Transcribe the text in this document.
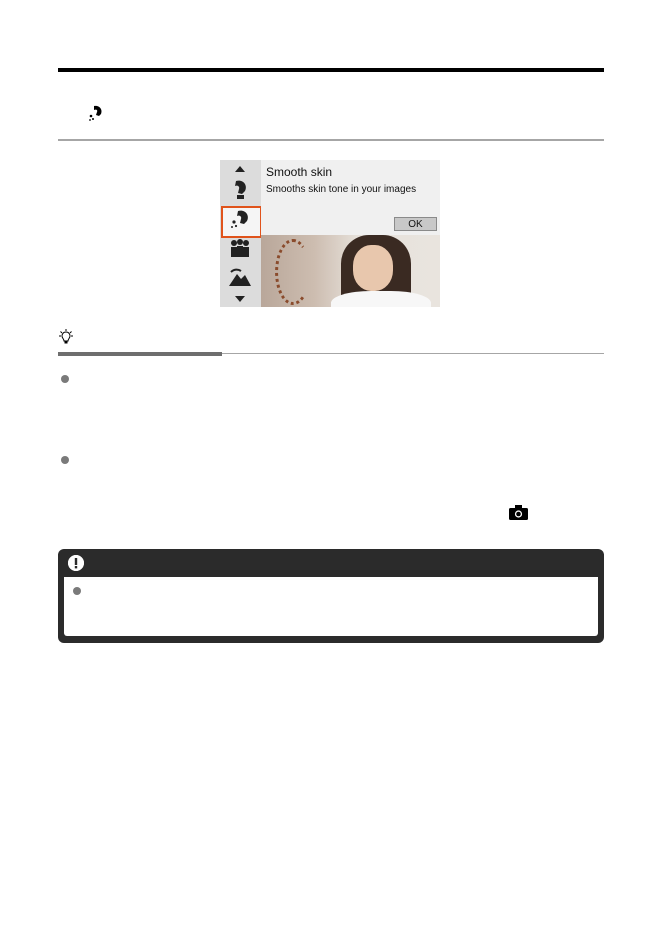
Smooth skin
Smooths skin tone in your images
OK
